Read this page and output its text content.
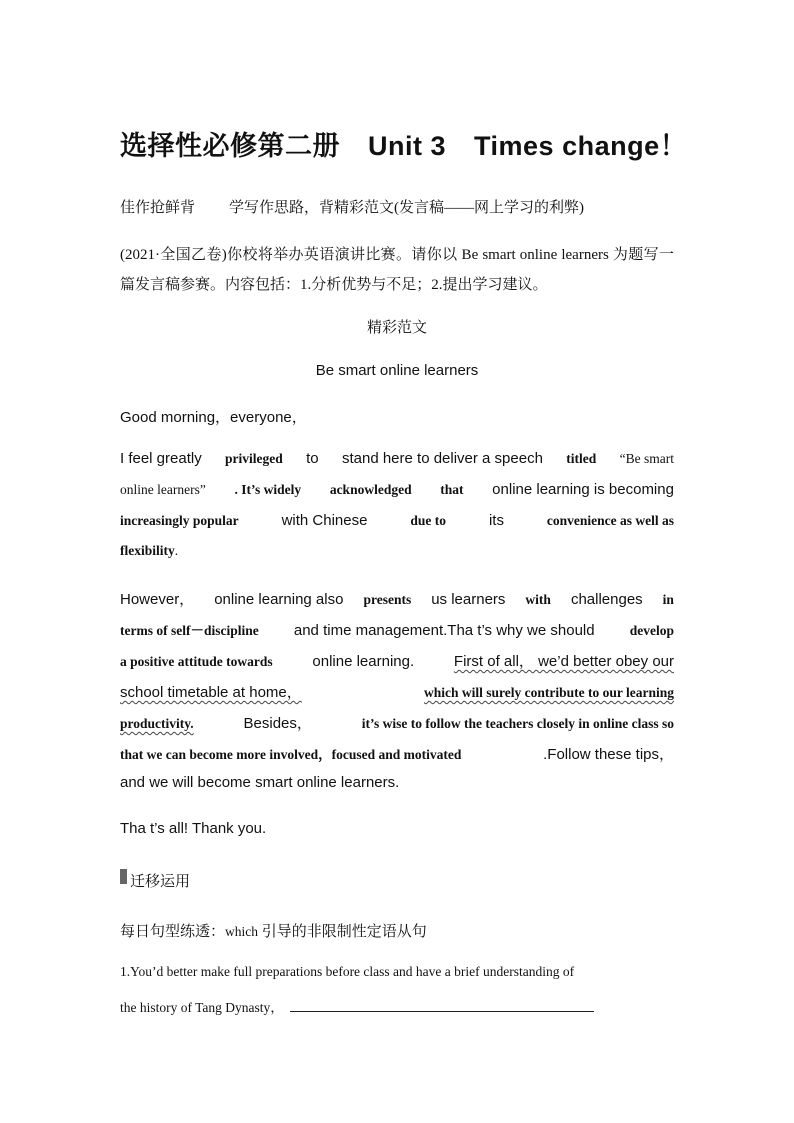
选择性必修第二册 Unit 3 Times change！
佳作抢鲜背 学写作思路，背精彩范文(发言稿——网上学习的利弊)
(2021·全国乙卷)你校将举办英语演讲比赛。请你以 Be smart online learners 为题写一篇发言稿参赛。内容包括：1.分析优势与不足；2.提出学习建议。
精彩范文
Be smart online learners
Good morning，everyone，
I feel greatly privileged to stand here to deliver a speech titled “Be smart
online learners” . It’s widely acknowledged that online learning is becoming
increasingly popular	with Chinese	due to	its	convenience as well as
flexibility .
However， online learning also presents us learners with challenges in
terms of self－discipline and time management.Tha t’s why we should	develop
a positive attitude towards	online learning.	First of all， we’d better obey our
school timetable at home，	which will surely contribute to our learning
productivity.	Besides，	it’s wise to follow the teachers closely in online class so
that we can become more involved，focused and motivated	.Follow these tips，
and we will become smart online learners.
Tha t’s all! Thank you.
迁移运用
每日句型练透：which 引导的非限制性定语从句
1.You’d better make full preparations before class and have a brief understanding of
the history of Tang Dynasty，
